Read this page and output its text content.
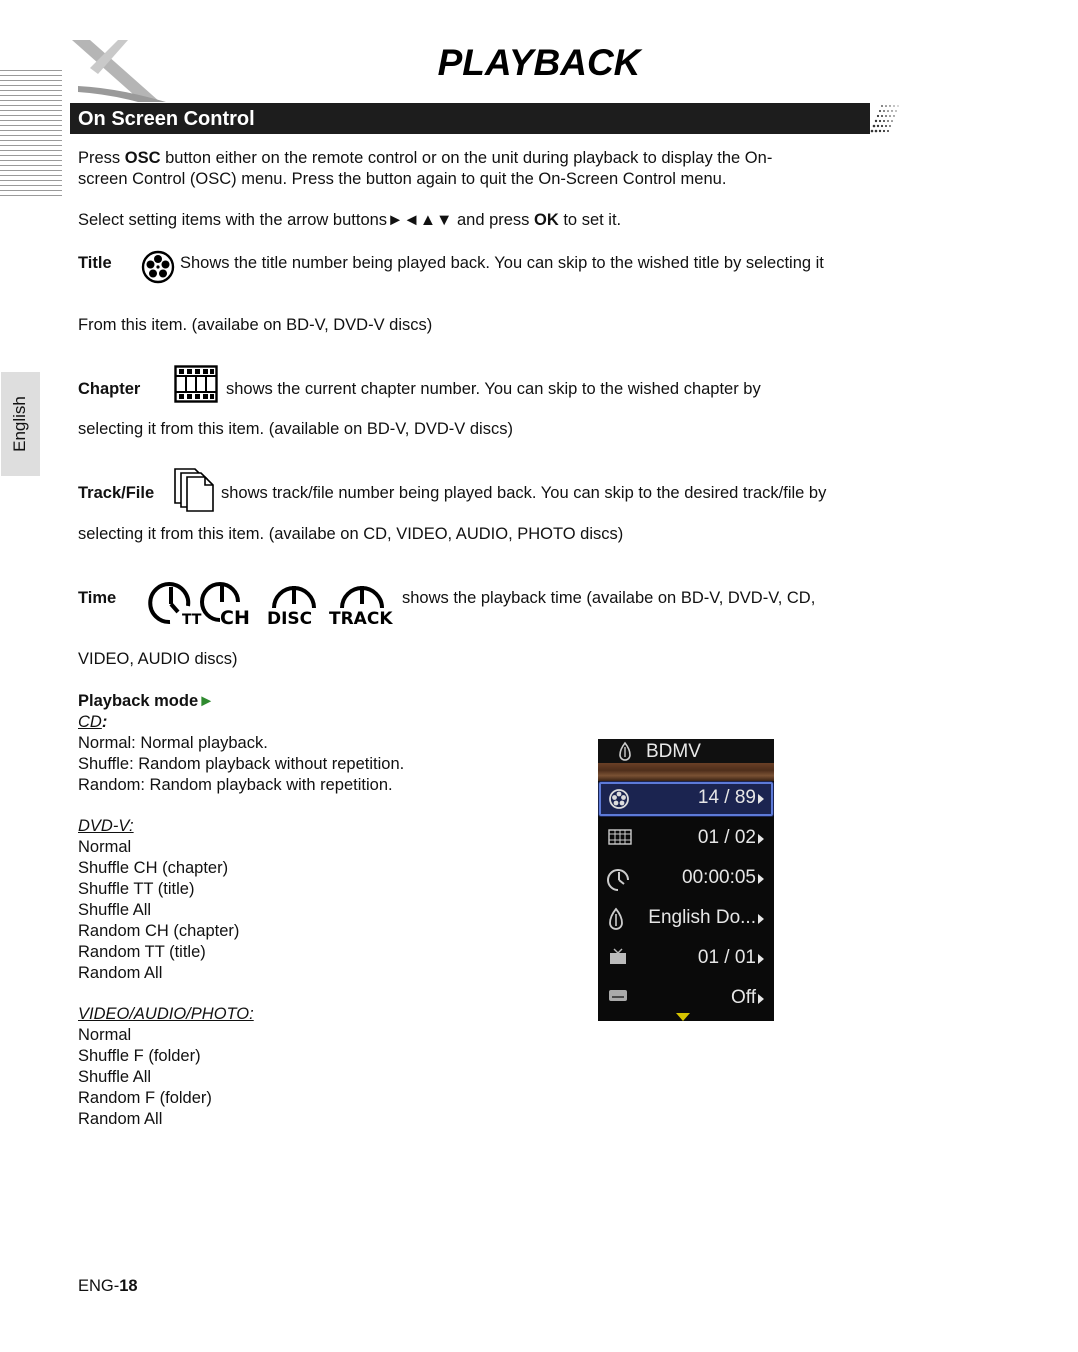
PLAYBACK
On Screen Control
English
Press OSC button either on the remote control or on the unit during playback to display the On-
screen Control (OSC) menu. Press the button again to quit the On-Screen Control menu.
Select setting items with the arrow buttons►◄▲▼ and press OK to set it.
Title	Shows the title number being played back. You can skip to the wished title by selecting it
From this item. (availabe on BD-V, DVD-V discs)
Chapter	shows the current chapter number. You can skip to the wished chapter by
selecting it from this item. (available on BD-V, DVD-V discs)
Track/File	shows track/file number being played back. You can skip to the desired track/file by
selecting it from this item. (availabe on CD, VIDEO, AUDIO, PHOTO discs)
Time
TT CH DISC TRACK
shows the playback time (availabe on BD-V, DVD-V, CD,
VIDEO, AUDIO discs)
Playback mode►
CD:
Normal: Normal playback.
Shuffle: Random playback without repetition.
Random: Random playback with repetition.
DVD-V:
Normal
Shuffle CH (chapter)
Shuffle TT (title)
Shuffle All
Random CH (chapter)
Random TT (title)
Random All
VIDEO/AUDIO/PHOTO:
Normal
Shuffle F (folder)
Shuffle All
Random F (folder)
Random All
BDMV
14 / 89
01 / 02
00:00:05
English Do...
01 / 01
Off
ENG-18
